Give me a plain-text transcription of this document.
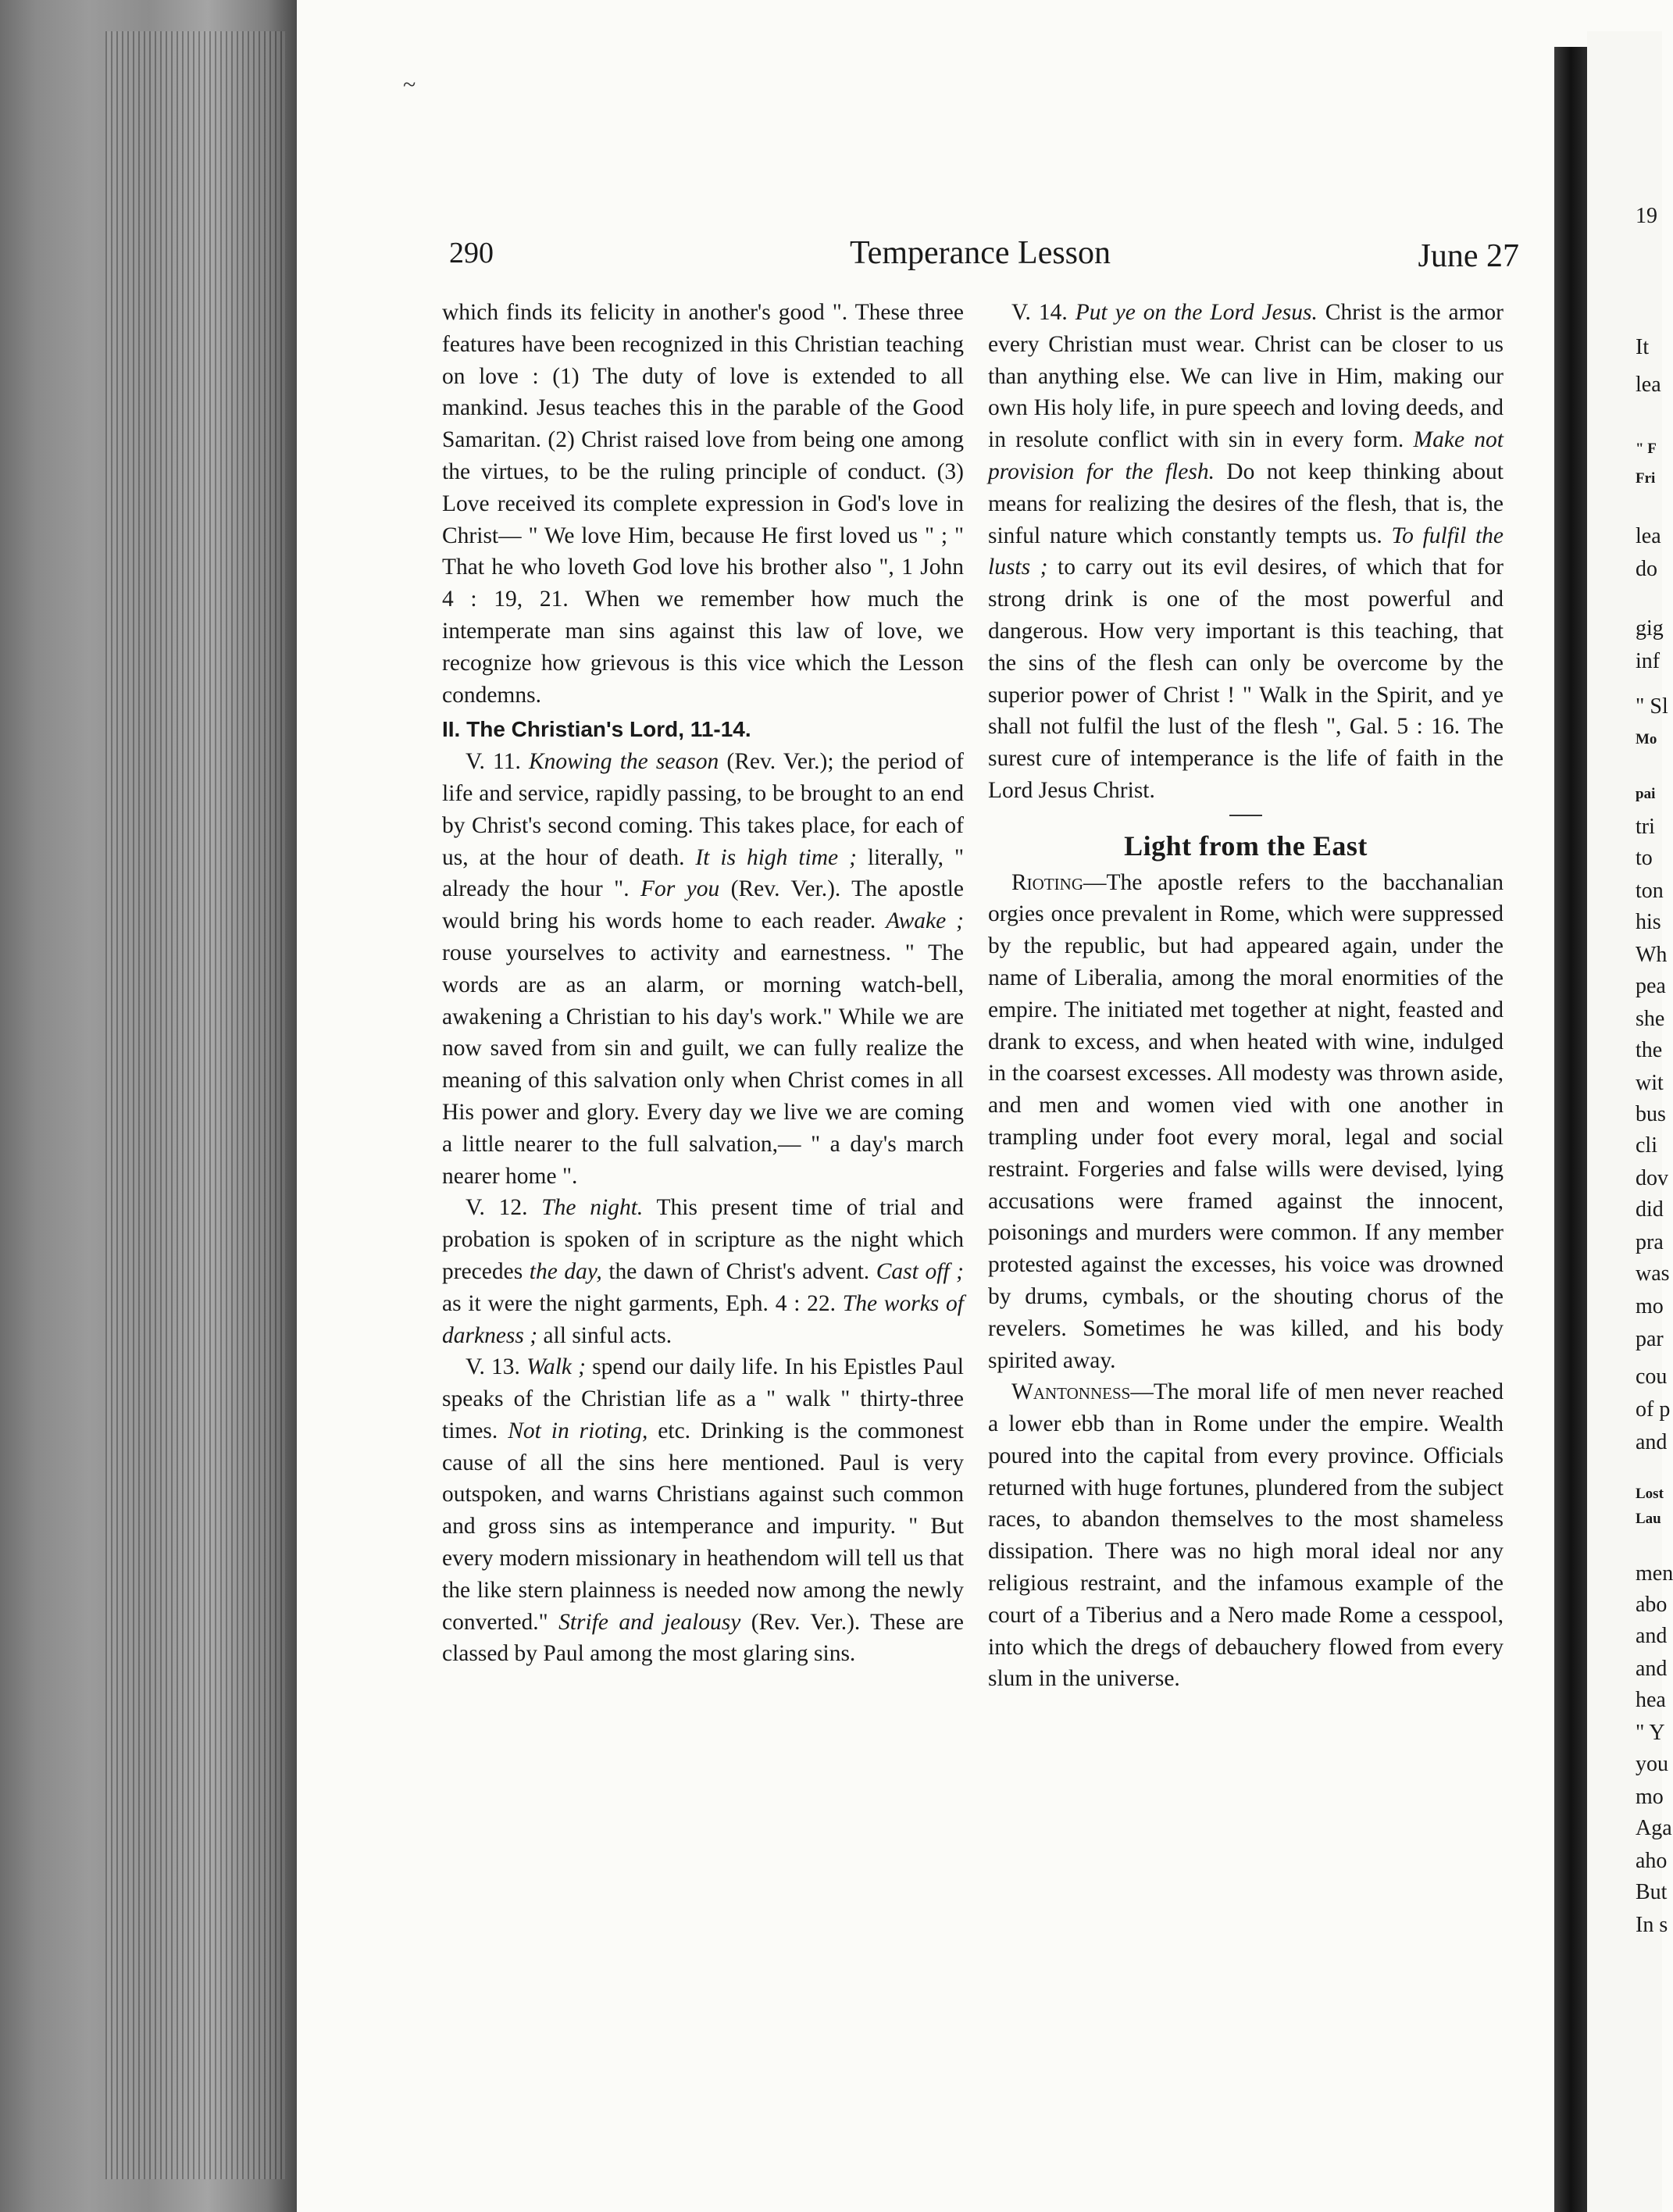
~
19
It
lea
" F
Fri
lea
do
gig
inf
" Sl
Mo
pai
tri
to
ton
his
Wh
pea
she
the
wit
bus
cli
dov
did
pra
was
mo
par
cou
of p
and
Lost
Lau
men
abo
and
and
hea
" Y
you
mo
Aga
aho
But
In s
290	Temperance Lesson	June 27

which finds its felicity in another's good ". These three features have been recognized in this Christian teaching on love : (1) The duty of love is extended to all mankind. Jesus teaches this in the parable of the Good Samaritan. (2) Christ raised love from being one among the virtues, to be the ruling principle of conduct. (3) Love received its complete expression in God's love in Christ— " We love Him, because He first loved us " ; " That he who loveth God love his brother also ", 1 John 4 : 19, 21. When we remember how much the intemperate man sins against this law of love, we recognize how grievous is this vice which the Lesson condemns.

II. The Christian's Lord, 11-14.

V. 11. Knowing the season (Rev. Ver.); the period of life and service, rapidly passing, to be brought to an end by Christ's second coming. This takes place, for each of us, at the hour of death. It is high time ; literally, " already the hour ". For you (Rev. Ver.). The apostle would bring his words home to each reader. Awake ; rouse yourselves to activity and earnestness. " The words are as an alarm, or morning watch-bell, awakening a Christian to his day's work." While we are now saved from sin and guilt, we can fully realize the meaning of this salvation only when Christ comes in all His power and glory. Every day we live we are coming a little nearer to the full salvation,— " a day's march nearer home ".

V. 12. The night. This present time of trial and probation is spoken of in scripture as the night which precedes the day, the dawn of Christ's advent. Cast off ; as it were the night garments, Eph. 4 : 22. The works of darkness ; all sinful acts.

V. 13. Walk ; spend our daily life. In his Epistles Paul speaks of the Christian life as a " walk " thirty-three times. Not in rioting, etc. Drinking is the commonest cause of all the sins here mentioned. Paul is very outspoken, and warns Christians against such common and gross sins as intemperance and impurity. " But every modern missionary in heathendom will tell us that the like stern plainness is needed now among the newly converted." Strife and jealousy (Rev. Ver.). These are classed by Paul among the most glaring sins.

V. 14. Put ye on the Lord Jesus. Christ is the armor every Christian must wear. Christ can be closer to us than anything else. We can live in Him, making our own His holy life, in pure speech and loving deeds, and in resolute conflict with sin in every form. Make not provision for the flesh. Do not keep thinking about means for realizing the desires of the flesh, that is, the sinful nature which constantly tempts us. To fulfil the lusts ; to carry out its evil desires, of which that for strong drink is one of the most powerful and dangerous. How very important is this teaching, that the sins of the flesh can only be overcome by the superior power of Christ ! " Walk in the Spirit, and ye shall not fulfil the lust of the flesh ", Gal. 5 : 16. The surest cure of intemperance is the life of faith in the Lord Jesus Christ.

Light from the East

Rioting—The apostle refers to the bacchanalian orgies once prevalent in Rome, which were suppressed by the republic, but had appeared again, under the name of Liberalia, among the moral enormities of the empire. The initiated met together at night, feasted and drank to excess, and when heated with wine, indulged in the coarsest excesses. All modesty was thrown aside, and men and women vied with one another in trampling under foot every moral, legal and social restraint. Forgeries and false wills were devised, lying accusations were framed against the innocent, poisonings and murders were common. If any member protested against the excesses, his voice was drowned by drums, cymbals, or the shouting chorus of the revelers. Sometimes he was killed, and his body spirited away.

Wantonness—The moral life of men never reached a lower ebb than in Rome under the empire. Wealth poured into the capital from every province. Officials returned with huge fortunes, plundered from the subject races, to abandon themselves to the most shameless dissipation. There was no high moral ideal nor any religious restraint, and the infamous example of the court of a Tiberius and a Nero made Rome a cesspool, into which the dregs of debauchery flowed from every slum in the universe.
